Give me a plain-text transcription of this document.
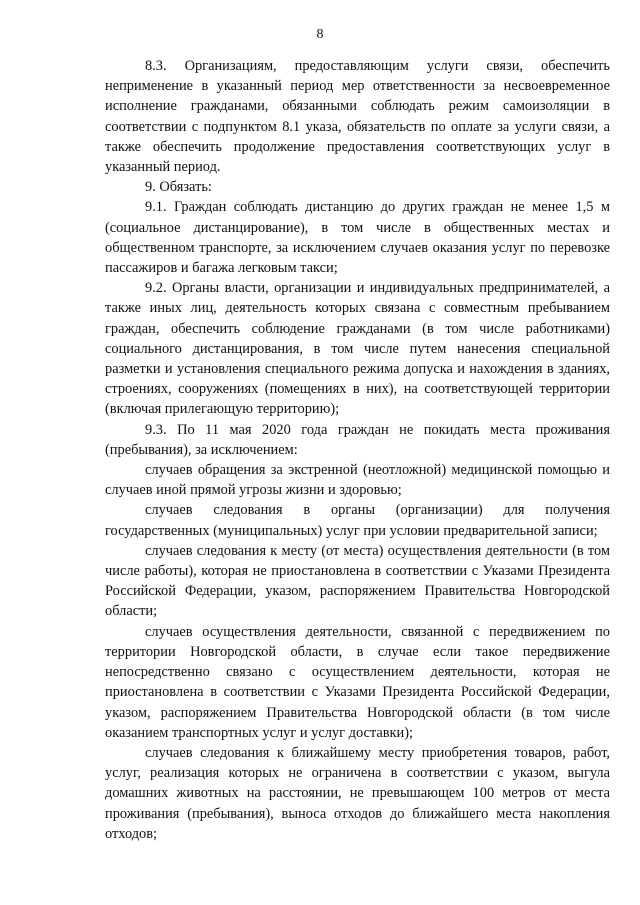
8

8.3. Организациям, предоставляющим услуги связи, обеспечить неприменение в указанный период мер ответственности за несвоевременное исполнение гражданами, обязанными соблюдать режим самоизоляции в соответствии с подпунктом 8.1 указа, обязательств по оплате за услуги связи, а также обеспечить продолжение предоставления соответствующих услуг в указанный период.

9. Обязать:

9.1. Граждан соблюдать дистанцию до других граждан не менее 1,5 м (социальное дистанцирование), в том числе в общественных местах и общественном транспорте, за исключением случаев оказания услуг по перевозке пассажиров и багажа легковым такси;

9.2. Органы власти, организации и индивидуальных предпринимателей, а также иных лиц, деятельность которых связана с совместным пребыванием граждан, обеспечить соблюдение гражданами (в том числе работниками) социального дистанцирования, в том числе путем нанесения специальной разметки и установления специального режима допуска и нахождения в зданиях, строениях, сооружениях (помещениях в них), на соответствующей территории (включая прилегающую территорию);

9.3. По 11 мая 2020 года граждан не покидать места проживания (пребывания), за исключением:

случаев обращения за экстренной (неотложной) медицинской помощью и случаев иной прямой угрозы жизни и здоровью;

случаев следования в органы (организации) для получения государственных (муниципальных) услуг при условии предварительной записи;

случаев следования к месту (от места) осуществления деятельности (в том числе работы), которая не приостановлена в соответствии с Указами Президента Российской Федерации, указом, распоряжением Правительства Новгородской области;

случаев осуществления деятельности, связанной с передвижением по территории Новгородской области, в случае если такое передвижение непосредственно связано с осуществлением деятельности, которая не приостановлена в соответствии с Указами Президента Российской Федерации, указом, распоряжением Правительства Новгородской области (в том числе оказанием транспортных услуг и услуг доставки);

случаев следования к ближайшему месту приобретения товаров, работ, услуг, реализация которых не ограничена в соответствии с указом, выгула домашних животных на расстоянии, не превышающем 100 метров от места проживания (пребывания), выноса отходов до ближайшего места накопления отходов;
